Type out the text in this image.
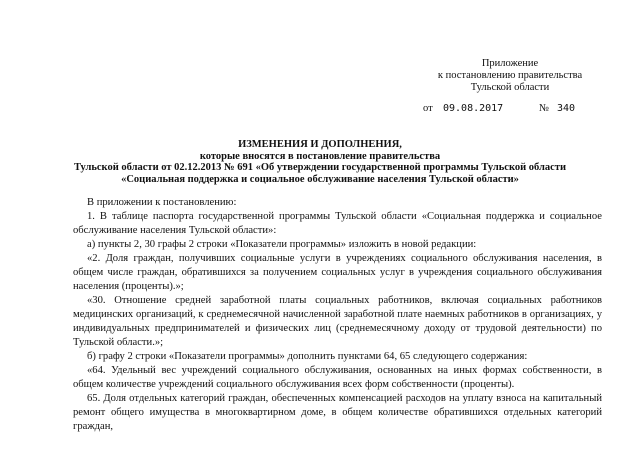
Приложение
к постановлению правительства
Тульской области
от 09.08.2017	№ 340
ИЗМЕНЕНИЯ И ДОПОЛНЕНИЯ,
которые вносятся в постановление правительства
Тульской области от 02.12.2013 № 691 «Об утверждении государственной программы Тульской области
«Социальная поддержка и социальное обслуживание населения Тульской области»

В приложении к постановлению:

1. В таблице паспорта государственной программы Тульской области «Социальная поддержка и социальное обслуживание населения Тульской области»:

а) пункты 2, 30 графы 2 строки «Показатели программы» изложить в новой редакции:

«2. Доля граждан, получивших социальные услуги в учреждениях социального обслуживания населения, в общем числе граждан, обратившихся за получением социальных услуг в учреждения социального обслуживания населения (проценты).»;

«30. Отношение средней заработной платы социальных работников, включая социальных работников медицинских организаций, к среднемесячной начисленной заработной плате наемных работников в организациях, у индивидуальных предпринимателей и физических лиц (среднемесячному доходу от трудовой деятельности) по Тульской области.»;

б) графу 2 строки «Показатели программы» дополнить пунктами 64, 65 следующего содержания:

«64. Удельный вес учреждений социального обслуживания, основанных на иных формах собственности, в общем количестве учреждений социального обслуживания всех форм собственности (проценты).

65. Доля отдельных категорий граждан, обеспеченных компенсацией расходов на уплату взноса на капитальный ремонт общего имущества в многоквартирном доме, в общем количестве обратившихся отдельных категорий граждан,
